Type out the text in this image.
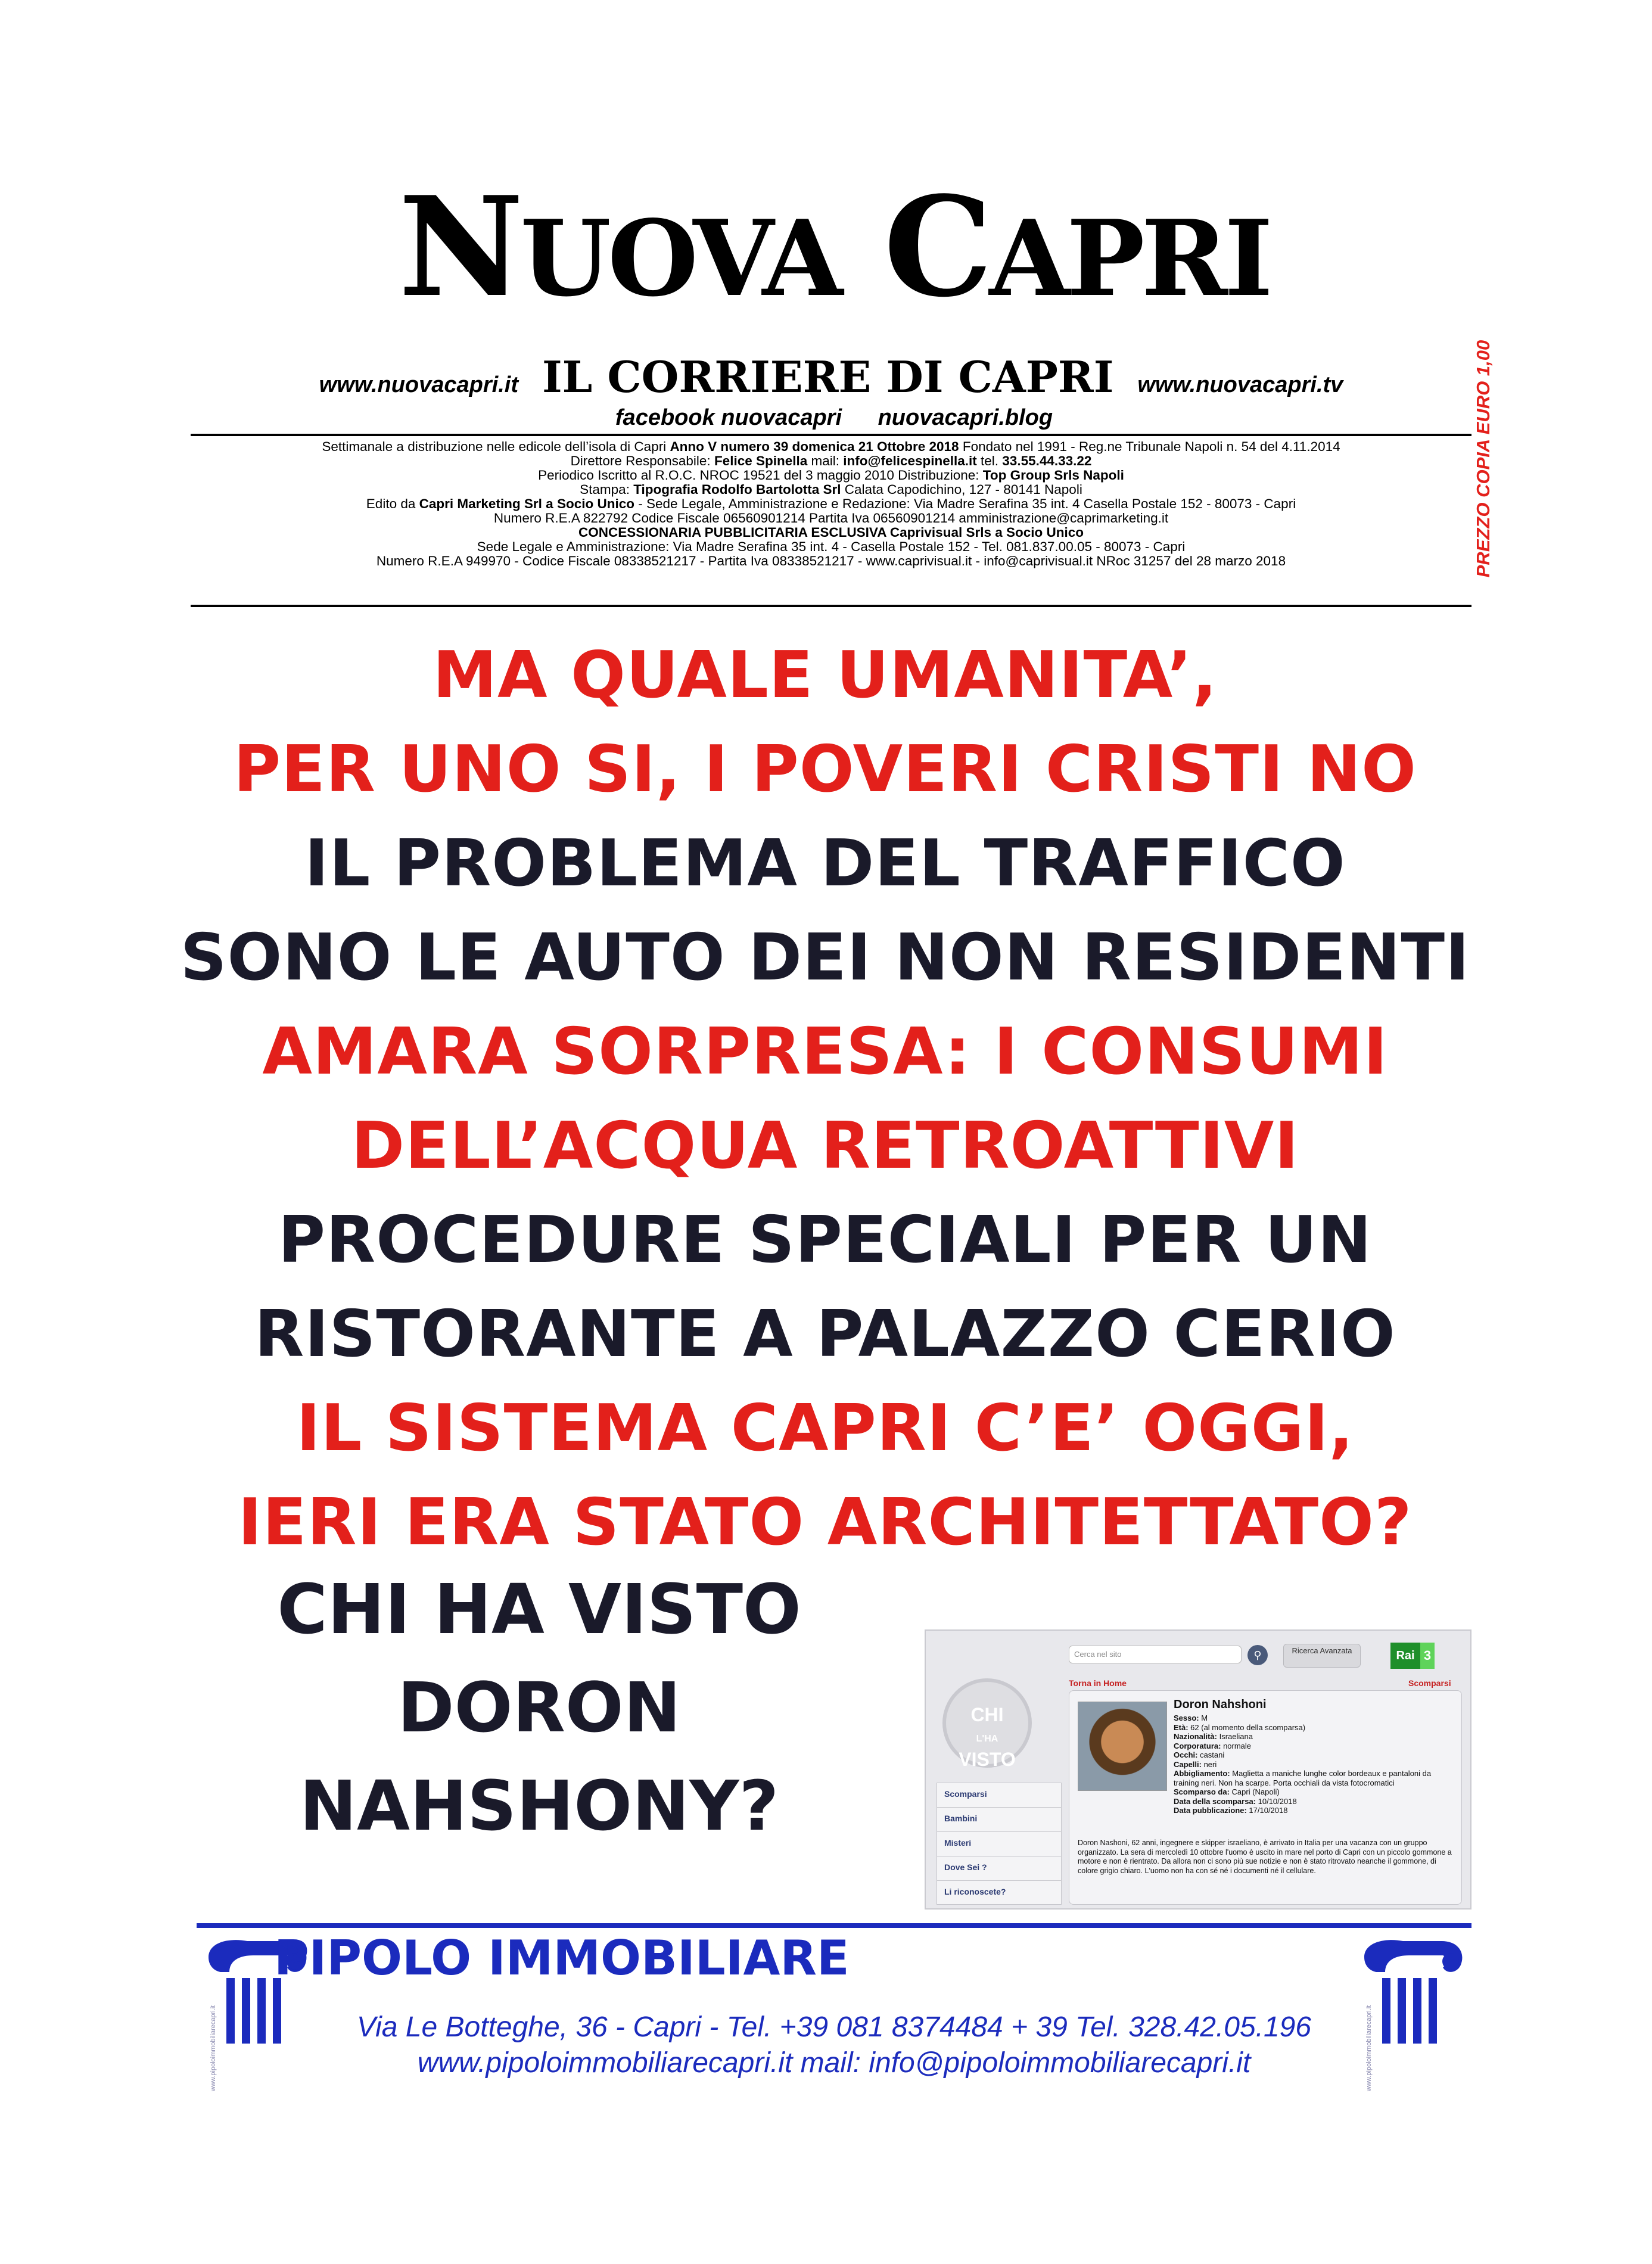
NUOVA CAPRI
www.nuovacapri.it IL CORRIERE DI CAPRI www.nuovacapri.tv
facebook nuovacapri nuovacapri.blog

Settimanale a distribuzione nelle edicole dell’isola di Capri Anno V numero 39 domenica 21 Ottobre 2018 Fondato nel 1991 - Reg.ne Tribunale Napoli n. 54 del 4.11.2014

Direttore Responsabile: Felice Spinella mail: info@felicespinella.it tel. 33.55.44.33.22

Periodico Iscritto al R.O.C. NROC 19521 del 3 maggio 2010 Distribuzione: Top Group Srls Napoli

Stampa: Tipografia Rodolfo Bartolotta Srl Calata Capodichino, 127 - 80141 Napoli

Edito da Capri Marketing Srl a Socio Unico - Sede Legale, Amministrazione e Redazione: Via Madre Serafina 35 int. 4 Casella Postale 152 - 80073 - Capri

Numero R.E.A 822792 Codice Fiscale 06560901214 Partita Iva 06560901214 amministrazione@caprimarketing.it

CONCESSIONARIA PUBBLICITARIA ESCLUSIVA Caprivisual Srls a Socio Unico

Sede Legale e Amministrazione: Via Madre Serafina 35 int. 4 - Casella Postale 152 - Tel. 081.837.00.05 - 80073 - Capri

Numero R.E.A 949970 - Codice Fiscale 08338521217 - Partita Iva 08338521217 - www.caprivisual.it - info@caprivisual.it NRoc 31257 del 28 marzo 2018	PREZZO COPIA EURO 1,00
MA QUALE UMANITA’,
PER UNO SI, I POVERI CRISTI NO
IL PROBLEMA DEL TRAFFICO
SONO LE AUTO DEI NON RESIDENTI
AMARA SORPRESA: I CONSUMI
DELL’ACQUA RETROATTIVI
PROCEDURE SPECIALI PER UN
RISTORANTE A PALAZZO CERIO
IL SISTEMA CAPRI C’E’ OGGI,
IERI ERA STATO ARCHITETTATO?
CHI HA VISTO
DORON
NAHSHONY?
Cerca nel sito	⚲	Ricerca Avanzata	Rai 3
CHI
L'HA
VISTO
Torna in Home	Scomparsi
Scomparsi
Bambini
Misteri
Dove Sei ?
Li riconoscete?
Doron Nahshoni
Sesso: M
Età: 62 (al momento della scomparsa)
Nazionalità: Israeliana
Corporatura: normale
Occhi: castani
Capelli: neri
Abbigliamento: Maglietta a maniche lunghe color bordeaux e pantaloni da training neri. Non ha scarpe. Porta occhiali da vista fotocromatici
Scomparso da: Capri (Napoli)
Data della scomparsa: 10/10/2018
Data pubblicazione: 17/10/2018
Doron Nashoni, 62 anni, ingegnere e skipper israeliano, è arrivato in Italia per una vacanza con un gruppo organizzato. La sera di mercoledì 10 ottobre l'uomo è uscito in mare nel porto di Capri con un piccolo gommone a motore e non è rientrato. Da allora non ci sono più sue notizie e non è stato ritrovato neanche il gommone, di colore grigio chiaro. L'uomo non ha con sé né i documenti né il cellulare.
PIPOLO IMMOBILIARE
www.pipoloimmobiliarecapri.it	www.pipoloimmobiliarecapri.it
Via Le Botteghe, 36 - Capri - Tel. +39 081 8374484 + 39 Tel. 328.42.05.196
www.pipoloimmobiliarecapri.it mail: info@pipoloimmobiliarecapri.it
